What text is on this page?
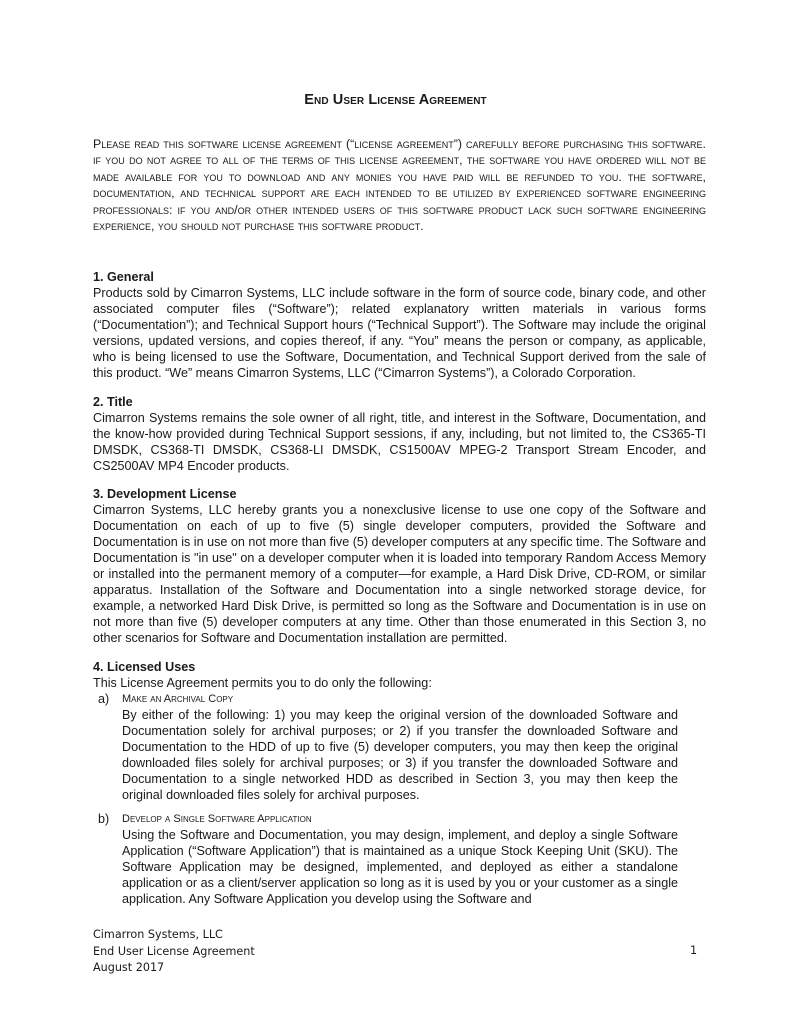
End User License Agreement

Please read this software license agreement (“license agreement”) carefully before purchasing this software. if you do not agree to all of the terms of this license agreement, the software you have ordered will not be made available for you to download and any monies you have paid will be refunded to you. the software, documentation, and technical support are each intended to be utilized by experienced software engineering professionals: if you and/or other intended users of this software product lack such software engineering experience, you should not purchase this software product.

1. General

Products sold by Cimarron Systems, LLC include software in the form of source code, binary code, and other associated computer files (“Software”); related explanatory written materials in various forms (“Documentation”); and Technical Support hours (“Technical Support”). The Software may include the original versions, updated versions, and copies thereof, if any. “You” means the person or company, as applicable, who is being licensed to use the Software, Documentation, and Technical Support derived from the sale of this product. “We” means Cimarron Systems, LLC (“Cimarron Systems”), a Colorado Corporation.

2. Title

Cimarron Systems remains the sole owner of all right, title, and interest in the Software, Documentation, and the know-how provided during Technical Support sessions, if any, including, but not limited to, the CS365-TI DMSDK, CS368-TI DMSDK, CS368-LI DMSDK, CS1500AV MPEG-2 Transport Stream Encoder, and CS2500AV MP4 Encoder products.

3. Development License

Cimarron Systems, LLC hereby grants you a nonexclusive license to use one copy of the Software and Documentation on each of up to five (5) single developer computers, provided the Software and Documentation is in use on not more than five (5) developer computers at any specific time. The Software and Documentation is "in use" on a developer computer when it is loaded into temporary Random Access Memory or installed into the permanent memory of a computer—for example, a Hard Disk Drive, CD-ROM, or similar apparatus. Installation of the Software and Documentation into a single networked storage device, for example, a networked Hard Disk Drive, is permitted so long as the Software and Documentation is in use on not more than five (5) developer computers at any time. Other than those enumerated in this Section 3, no other scenarios for Software and Documentation installation are permitted.

4. Licensed Uses

This License Agreement permits you to do only the following:

a) Make an Archival Copy

By either of the following: 1) you may keep the original version of the downloaded Software and Documentation solely for archival purposes; or 2) if you transfer the downloaded Software and Documentation to the HDD of up to five (5) developer computers, you may then keep the original downloaded files solely for archival purposes; or 3) if you transfer the downloaded Software and Documentation to a single networked HDD as described in Section 3, you may then keep the original downloaded files solely for archival purposes.

b) Develop a Single Software Application

Using the Software and Documentation, you may design, implement, and deploy a single Software Application (“Software Application”) that is maintained as a unique Stock Keeping Unit (SKU). The Software Application may be designed, implemented, and deployed as either a standalone application or as a client/server application so long as it is used by you or your customer as a single application. Any Software Application you develop using the Software and

Cimarron Systems, LLC
End User License Agreement
August 2017
1
